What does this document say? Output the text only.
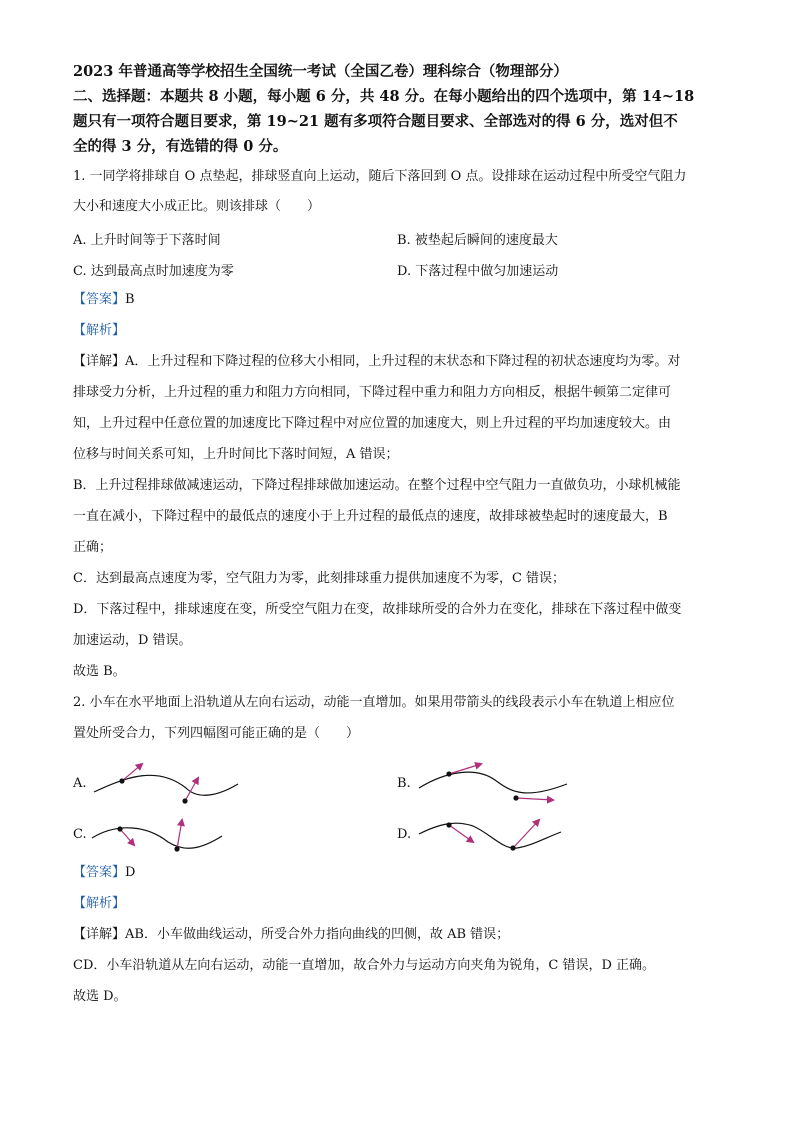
2023 年普通高等学校招生全国统一考试（全国乙卷）理科综合（物理部分）
二、选择题：本题共 8 小题，每小题 6 分，共 48 分。在每小题给出的四个选项中，第 14~18
题只有一项符合题目要求，第 19~21 题有多项符合题目要求、全部选对的得 6 分，选对但不
全的得 3 分，有选错的得 0 分。
1. 一同学将排球自 O 点垫起，排球竖直向上运动，随后下落回到 O 点。设排球在运动过程中所受空气阻力
大小和速度大小成正比。则该排球（　　）
A. 上升时间等于下落时间	B. 被垫起后瞬间的速度最大
C. 达到最高点时加速度为零	D. 下落过程中做匀加速运动
【答案】B
【解析】
【详解】A．上升过程和下降过程的位移大小相同，上升过程的末状态和下降过程的初状态速度均为零。对
排球受力分析，上升过程的重力和阻力方向相同，下降过程中重力和阻力方向相反，根据牛顿第二定律可
知，上升过程中任意位置的加速度比下降过程中对应位置的加速度大，则上升过程的平均加速度较大。由
位移与时间关系可知，上升时间比下落时间短，A 错误；
B．上升过程排球做减速运动，下降过程排球做加速运动。在整个过程中空气阻力一直做负功，小球机械能
一直在减小，下降过程中的最低点的速度小于上升过程的最低点的速度，故排球被垫起时的速度最大，B
正确；
C．达到最高点速度为零，空气阻力为零，此刻排球重力提供加速度不为零，C 错误；
D．下落过程中，排球速度在变，所受空气阻力在变，故排球所受的合外力在变化，排球在下落过程中做变
加速运动，D 错误。
故选 B。
2. 小车在水平地面上沿轨道从左向右运动，动能一直增加。如果用带箭头的线段表示小车在轨道上相应位
置处所受合力，下列四幅图可能正确的是（　　）
A.	B.
C.	D.
【答案】D
【解析】
【详解】AB．小车做曲线运动，所受合外力指向曲线的凹侧，故 AB 错误；
CD．小车沿轨道从左向右运动，动能一直增加，故合外力与运动方向夹角为锐角，C 错误，D 正确。
故选 D。
